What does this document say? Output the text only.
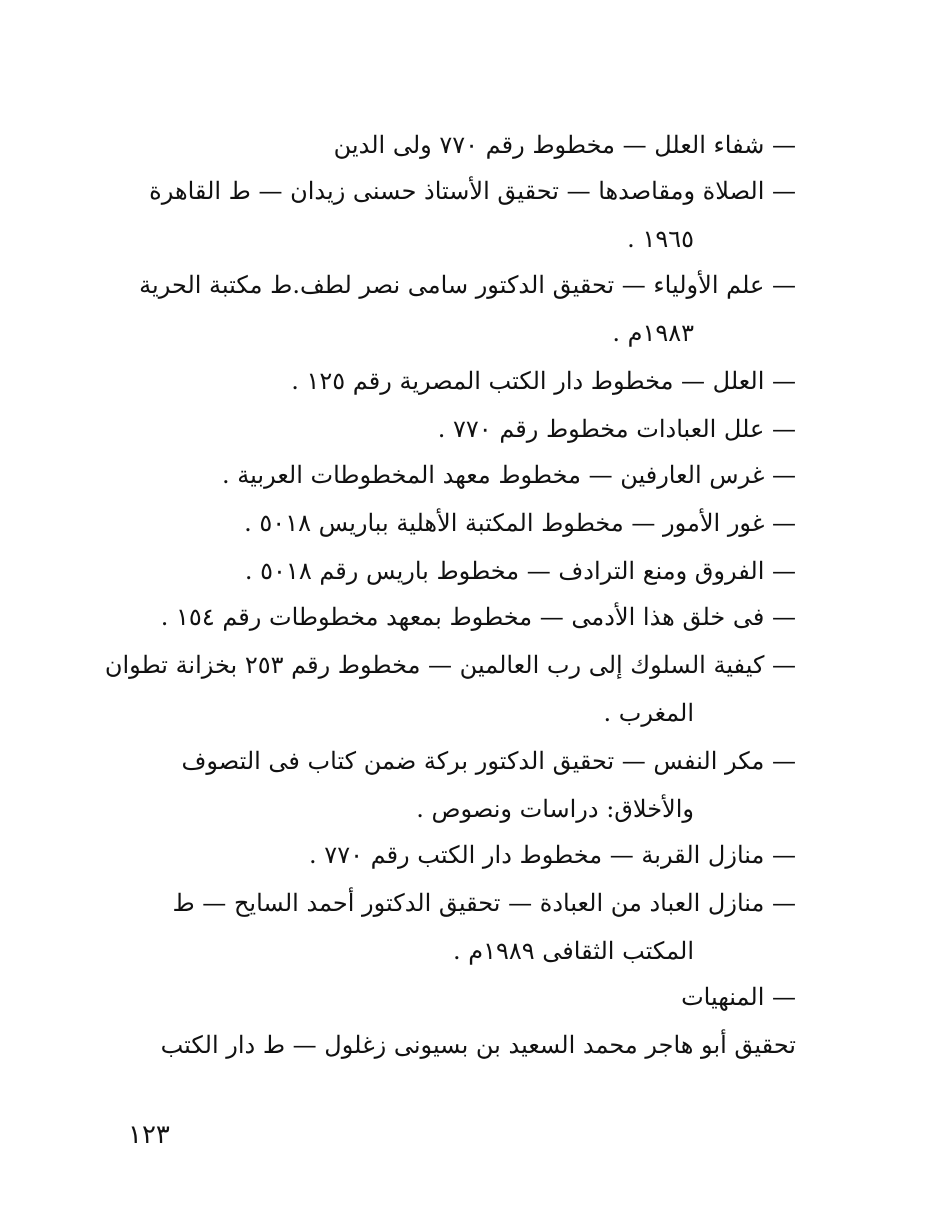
— شفاء العلل — مخطوط رقم ٧٧٠ ولى الدين
— الصلاة ومقاصدها — تحقيق الأستاذ حسنى زيدان — ط القاهرة
١٩٦٥ .
— علم الأولياء — تحقيق الدكتور سامى نصر لطف.ط مكتبة الحرية
١٩٨٣م .
— العلل — مخطوط دار الكتب المصرية رقم ١٢٥ .
— علل العبادات مخطوط رقم ٧٧٠ .
— غرس العارفين — مخطوط معهد المخطوطات العربية .
— غور الأمور — مخطوط المكتبة الأهلية بباريس ٥٠١٨ .
— الفروق ومنع الترادف — مخطوط باريس رقم ٥٠١٨ .
— فى خلق هذا الأدمى — مخطوط بمعهد مخطوطات رقم ١٥٤ .
— كيفية السلوك إلى رب العالمين — مخطوط رقم ٢٥٣ بخزانة تطوان
المغرب .
— مكر النفس — تحقيق الدكتور بركة ضمن كتاب فى التصوف
والأخلاق: دراسات ونصوص .
— منازل القربة — مخطوط دار الكتب رقم ٧٧٠ .
— منازل العباد من العبادة — تحقيق الدكتور أحمد السايح — ط
المكتب الثقافى ١٩٨٩م .
— المنهيات
تحقيق أبو هاجر محمد السعيد بن بسيونى زغلول — ط دار الكتب
١٢٣
